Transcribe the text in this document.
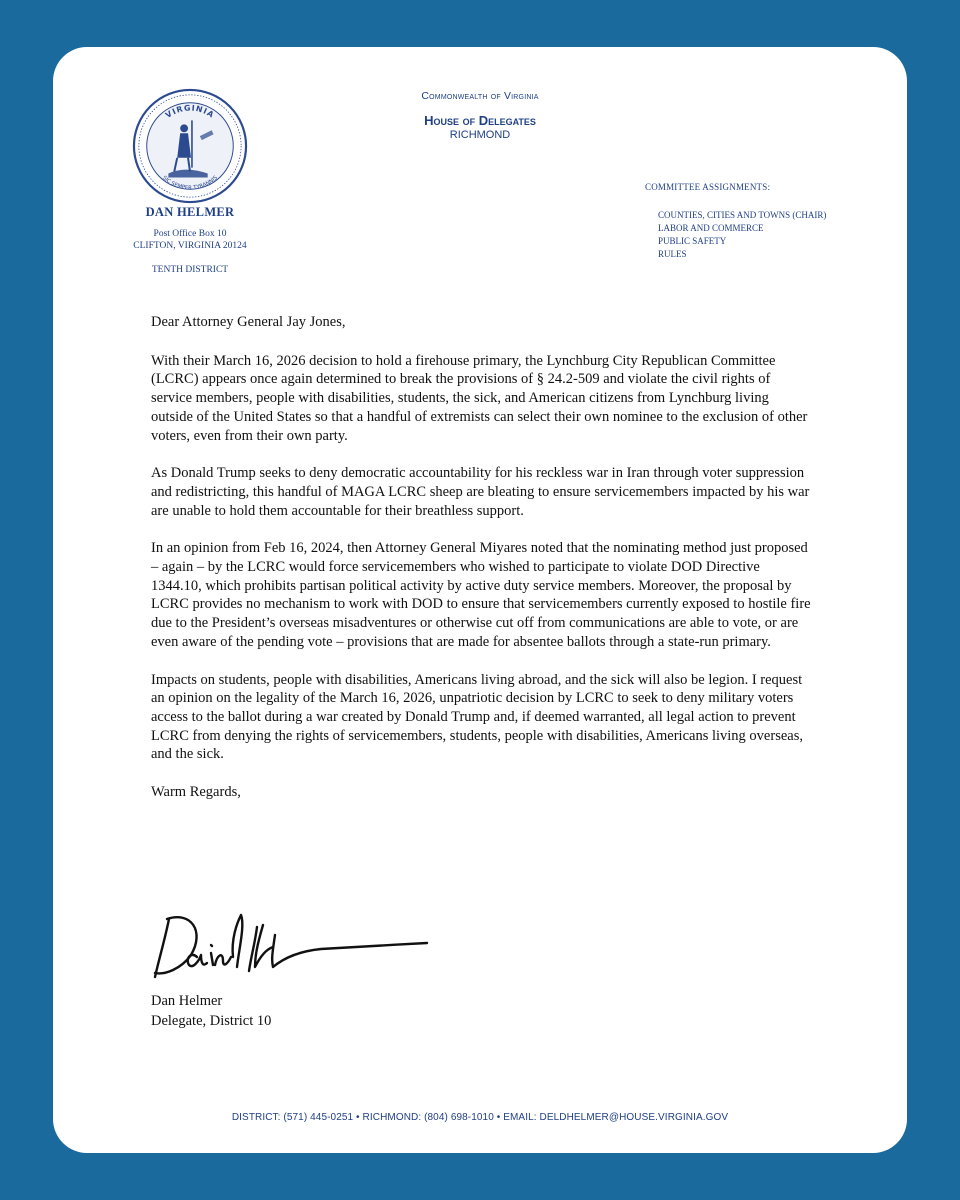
VIRGINIA
SIC SEMPER TYRANNIS
DAN HELMER
Post Office Box 10
CLIFTON, VIRGINIA 20124
TENTH DISTRICT
Commonwealth of Virginia
House of Delegates
RICHMOND
COMMITTEE ASSIGNMENTS:
COUNTIES, CITIES AND TOWNS (CHAIR)
LABOR AND COMMERCE
PUBLIC SAFETY
RULES

Dear Attorney General Jay Jones,

With their March 16, 2026 decision to hold a firehouse primary, the Lynchburg City Republican Committee (LCRC) appears once again determined to break the provisions of § 24.2-509 and violate the civil rights of service members, people with disabilities, students, the sick, and American citizens from Lynchburg living outside of the United States so that a handful of extremists can select their own nominee to the exclusion of other voters, even from their own party.

As Donald Trump seeks to deny democratic accountability for his reckless war in Iran through voter suppression and redistricting, this handful of MAGA LCRC sheep are bleating to ensure servicemembers impacted by his war are unable to hold them accountable for their breathless support.

In an opinion from Feb 16, 2024, then Attorney General Miyares noted that the nominating method just proposed – again – by the LCRC would force servicemembers who wished to participate to violate DOD Directive 1344.10, which prohibits partisan political activity by active duty service members. Moreover, the proposal by LCRC provides no mechanism to work with DOD to ensure that servicemembers currently exposed to hostile fire due to the President’s overseas misadventures or otherwise cut off from communications are able to vote, or are even aware of the pending vote – provisions that are made for absentee ballots through a state-run primary.

Impacts on students, people with disabilities, Americans living abroad, and the sick will also be legion. I request an opinion on the legality of the March 16, 2026, unpatriotic decision by LCRC to seek to deny military voters access to the ballot during a war created by Donald Trump and, if deemed warranted, all legal action to prevent LCRC from denying the rights of servicemembers, students, people with disabilities, Americans living overseas, and the sick.

Warm Regards,

Dan Helmer
Delegate, District 10
DISTRICT: (571) 445-0251 • RICHMOND: (804) 698-1010 • EMAIL: DELDHELMER@HOUSE.VIRGINIA.GOV
